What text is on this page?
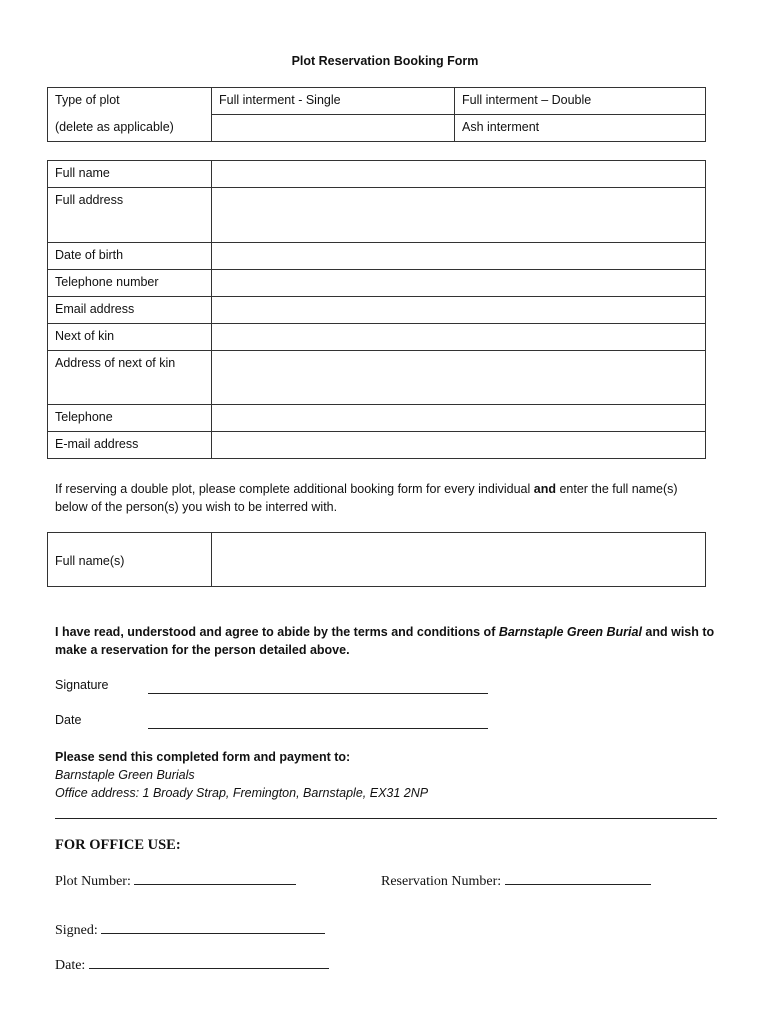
Plot Reservation Booking Form
Type of plot	Full interment - Single	Full interment – Double
(delete as applicable)		Ash interment
Full name	
Full address	
Date of birth	
Telephone number	
Email address	
Next of kin	
Address of next of kin	
Telephone	
E-mail address	
If reserving a double plot, please complete additional booking form for every individual and enter the full name(s) below of the person(s) you wish to be interred with.
Full name(s)	
I have read, understood and agree to abide by the terms and conditions of Barnstaple Green Burial and wish to make a reservation for the person detailed above.
Signature
Date
Please send this completed form and payment to:
Barnstaple Green Burials
Office address: 1 Broady Strap, Fremington, Barnstaple, EX31 2NP
FOR OFFICE USE:
Plot Number:	Reservation Number:
Signed:
Date:
